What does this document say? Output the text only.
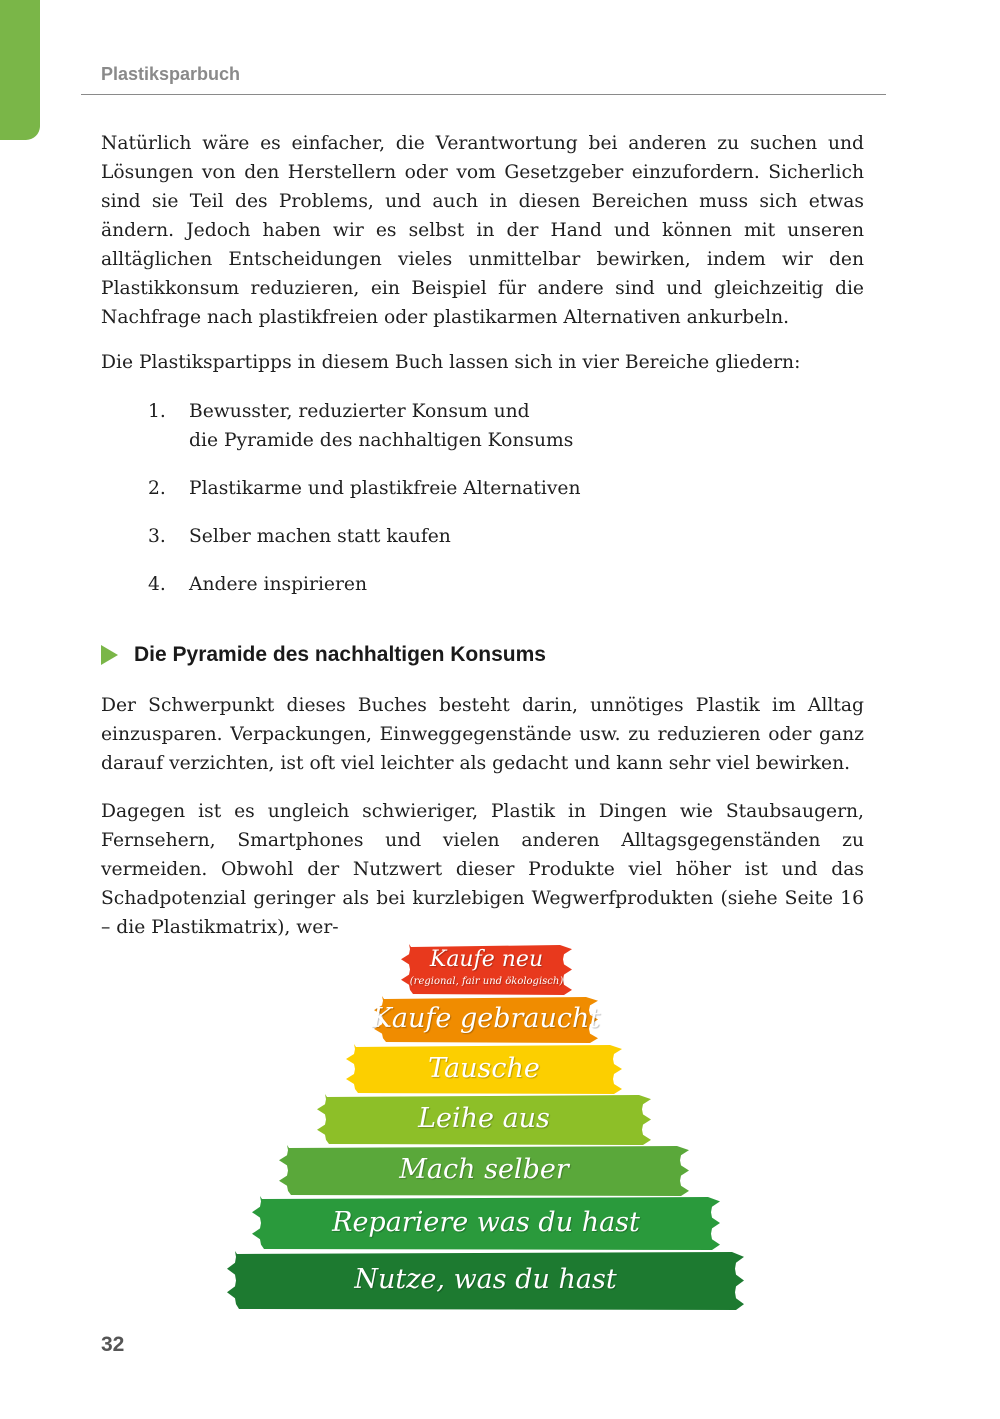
Plastiksparbuch

Natürlich wäre es einfacher, die Verantwortung bei anderen zu suchen und Lösungen von den Herstellern oder vom Gesetzgeber einzufordern. Sicherlich sind sie Teil des Problems, und auch in diesen Bereichen muss sich etwas ändern. Jedoch haben wir es selbst in der Hand und können mit unseren alltäglichen Entscheidungen vieles unmittelbar bewirken, indem wir den Plastikkonsum reduzieren, ein Beispiel für andere sind und gleichzeitig die Nachfrage nach plastikfreien oder plastikarmen Alternativen ankurbeln.

Die Plastikspartipps in diesem Buch lassen sich in vier Bereiche gliedern:

1.	Bewusster, reduzierter Konsum und
die Pyramide des nachhaltigen Konsums
2.	Plastikarme und plastikfreie Alternativen
3.	Selber machen statt kaufen
4.	Andere inspirieren
Die Pyramide des nachhaltigen Konsums

Der Schwerpunkt dieses Buches besteht darin, unnötiges Plastik im Alltag einzusparen. Verpackungen, Einweggegenstände usw. zu reduzieren oder ganz darauf verzichten, ist oft viel leichter als gedacht und kann sehr viel bewirken.

Dagegen ist es ungleich schwieriger, Plastik in Dingen wie Staubsaugern, Fernsehern, Smartphones und vielen anderen Alltagsgegenständen zu vermeiden. Obwohl der Nutzwert dieser Produkte viel höher ist und das Schadpotenzial geringer als bei kurzlebigen Wegwerfprodukten (siehe Seite 16 – die Plastikmatrix), wer-

Kaufe neu
(regional, fair und ökologisch)
Kaufe gebraucht
Tausche
Leihe aus
Mach selber
Repariere was du hast
Nutze, was du hast
32
